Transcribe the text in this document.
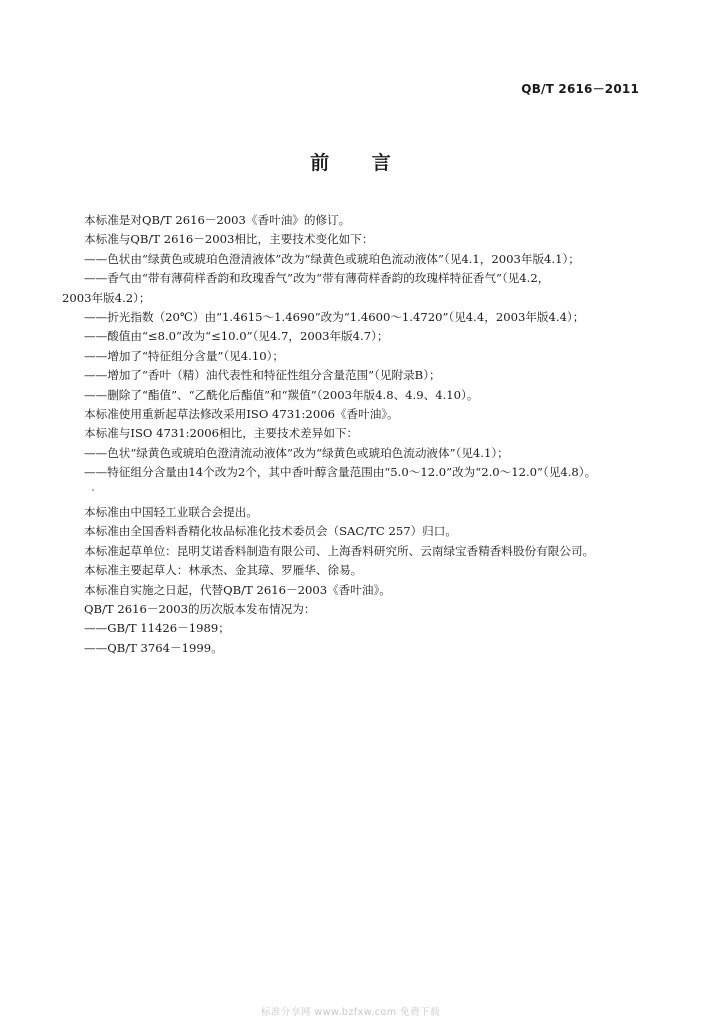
QB/T 2616－2011
前 言

本标准是对QB/T 2616－2003《香叶油》的修订。

本标准与QB/T 2616－2003相比，主要技术变化如下：

——色状由“绿黄色或琥珀色澄清液体”改为“绿黄色或琥珀色流动液体”（见4.1，2003年版4.1）；

——香气由“带有薄荷样香韵和玫瑰香气”改为“带有薄荷样香韵的玫瑰样特征香气”（见4.2，

2003年版4.2）；

——折光指数（20℃）由“1.4615～1.4690”改为“1.4600～1.4720”（见4.4，2003年版4.4）；

——酸值由“≤8.0”改为“≤10.0”（见4.7，2003年版4.7）；

——增加了“特征组分含量”（见4.10）；

——增加了“香叶（精）油代表性和特征性组分含量范围”（见附录B）；

——删除了“酯值”、“乙酰化后酯值”和“羰值”（2003年版4.8、4.9、4.10）。

本标准使用重新起草法修改采用ISO 4731:2006《香叶油》。

本标准与ISO 4731:2006相比，主要技术差异如下：

——色状“绿黄色或琥珀色澄清流动液体”改为“绿黄色或琥珀色流动液体”（见4.1）；

——特征组分含量由14个改为2个，其中香叶醇含量范围由“5.0～12.0”改为“2.0～12.0”（见4.8）。

本标准由中国轻工业联合会提出。

本标准由全国香料香精化妆品标准化技术委员会（SAC/TC 257）归口。

本标准起草单位：昆明艾诺香料制造有限公司、上海香料研究所、云南绿宝香精香料股份有限公司。

本标准主要起草人：林承杰、金其璋、罗雁华、徐易。

本标准自实施之日起，代替QB/T 2616－2003《香叶油》。

QB/T 2616－2003的历次版本发布情况为：

——GB/T 11426－1989；

——QB/T 3764－1999。

标准分享网 www.bzfxw.com 免费下载
